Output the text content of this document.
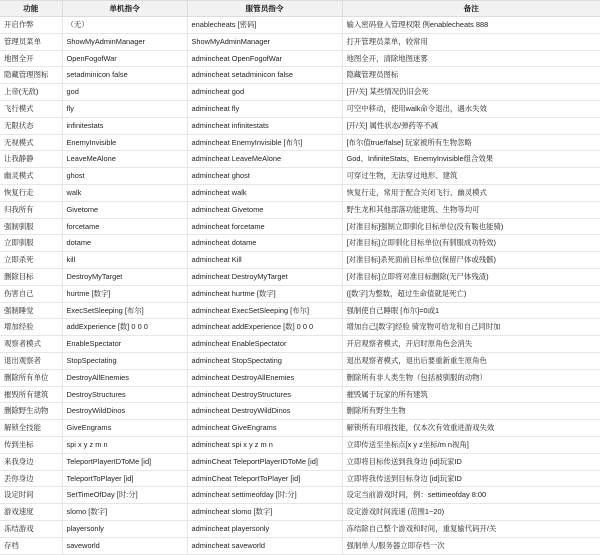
功能	单机指令	服管员指令	备注
开启作弊	（无）	enablecheats [密码]	输入密码登入管理权限 例enablecheats 888
管理员菜单	ShowMyAdminManager	ShowMyAdminManager	打开管理员菜单，较常用
地图全开	OpenFogofWar	admincheat OpenFogofWar	地图全开，清除地图迷雾
隐藏管理图标	setadminicon false	admincheat setadminicon false	隐藏管理员图标
上帝(无敌)	god	admincheat god	[开/关] 某些情况仍旧会死
飞行模式	fly	admincheat fly	可空中移动，使用walk命令退出，遇水失效
无限状态	infinitestats	admincheat infinitestats	[开/关] 属性状态/弹药等不减
无视模式	EnemyInvisible	admincheat EnemyInvisible [布尔]	[布尔值true/false] 玩家被所有生物忽略
让我静静	LeaveMeAlone	admincheat LeaveMeAlone	God、InfiniteStats、EnemyInvisible组合效果
幽灵模式	ghost	admincheat ghost	可穿过生物，无法穿过地形、建筑
恢复行走	walk	admincheat walk	恢复行走，常用于配合关闭飞行、幽灵模式
归我所有	Givetome	admincheat Givetome	野生龙和其他部落功能建筑、生物等均可
强制驯服	forcetame	admincheat forcetame	[对准目标]强制立即驯化目标单位(没有鞍也能骑)
立即驯服	dotame	admincheat dotame	[对准目标]立即驯化目标单位(有驯服成功特效)
立即杀死	kill	admincheat Kill	[对准目标]杀死面前目标单位(保留尸体或残骸)
删除目标	DestroyMyTarget	admincheat DestroyMyTarget	[对准目标]立即将对准目标删除(无尸体残渣)
伤害自己	hurtme [数字]	admincheat hurtme [数字]	([数字]为整数，超过生命值就是死亡)
强制睡觉	ExecSetSleeping [布尔]	admincheat ExecSetSleeping [布尔]	强制使自己睡眠 [布尔]=0或1
增加经验	addExperience [数] 0 0 0	admincheat addExperience [数] 0 0 0	增加自己[数字]经验 骑宠物可给龙和自己同时加
观察者模式	EnableSpectator	admincheat EnableSpectator	开启观察者模式，开启时原角色会消失
退出观察者	StopSpectating	admincheat StopSpectating	退出观察者模式，退出后要重新重生原角色
删除所有单位	DestroyAllEnemies	admincheat DestroyAllEnemies	删除所有非人类生物（包括被驯服的动物）
摧毁所有建筑	DestroyStructures	admincheat DestroyStructures	摧毁属于玩家的所有建筑
删除野生动物	DestroyWildDinos	admincheat DestroyWildDinos	删除所有野生生物
解锁全技能	GiveEngrams	admincheat GiveEngrams	解锁所有印痕技能，仅本次有效重进游戏失效
传到坐标	spi x y z m n	admincheat spi x y z m n	立即传送至坐标点[x y z坐标/m n视角]
来我身边	TeleportPlayerIDToMe [id]	adminCheat TeleportPlayerIDToMe [id]	立即将目标传送到我身边 [id]玩家ID
丢你身边	TeleportToPlayer [id]	adminCheat TeleportToPlayer [id]	立即将我传送到目标身边 [id]玩家ID
设定时间	SetTimeOfDay [时:分]	admincheat settimeofday [时:分]	设定当前游戏时间，例：settimeofday 8:00
游戏速度	slomo [数字]	admincheat slomo [数字]	设定游戏时间流速 (范围1~20)
冻结游戏	playersonly	admincheat playersonly	冻结除自己整个游戏和时间，重复输代码开/关
存档	saveworld	admincheat saveworld	强制单人/服务器立即存档一次
